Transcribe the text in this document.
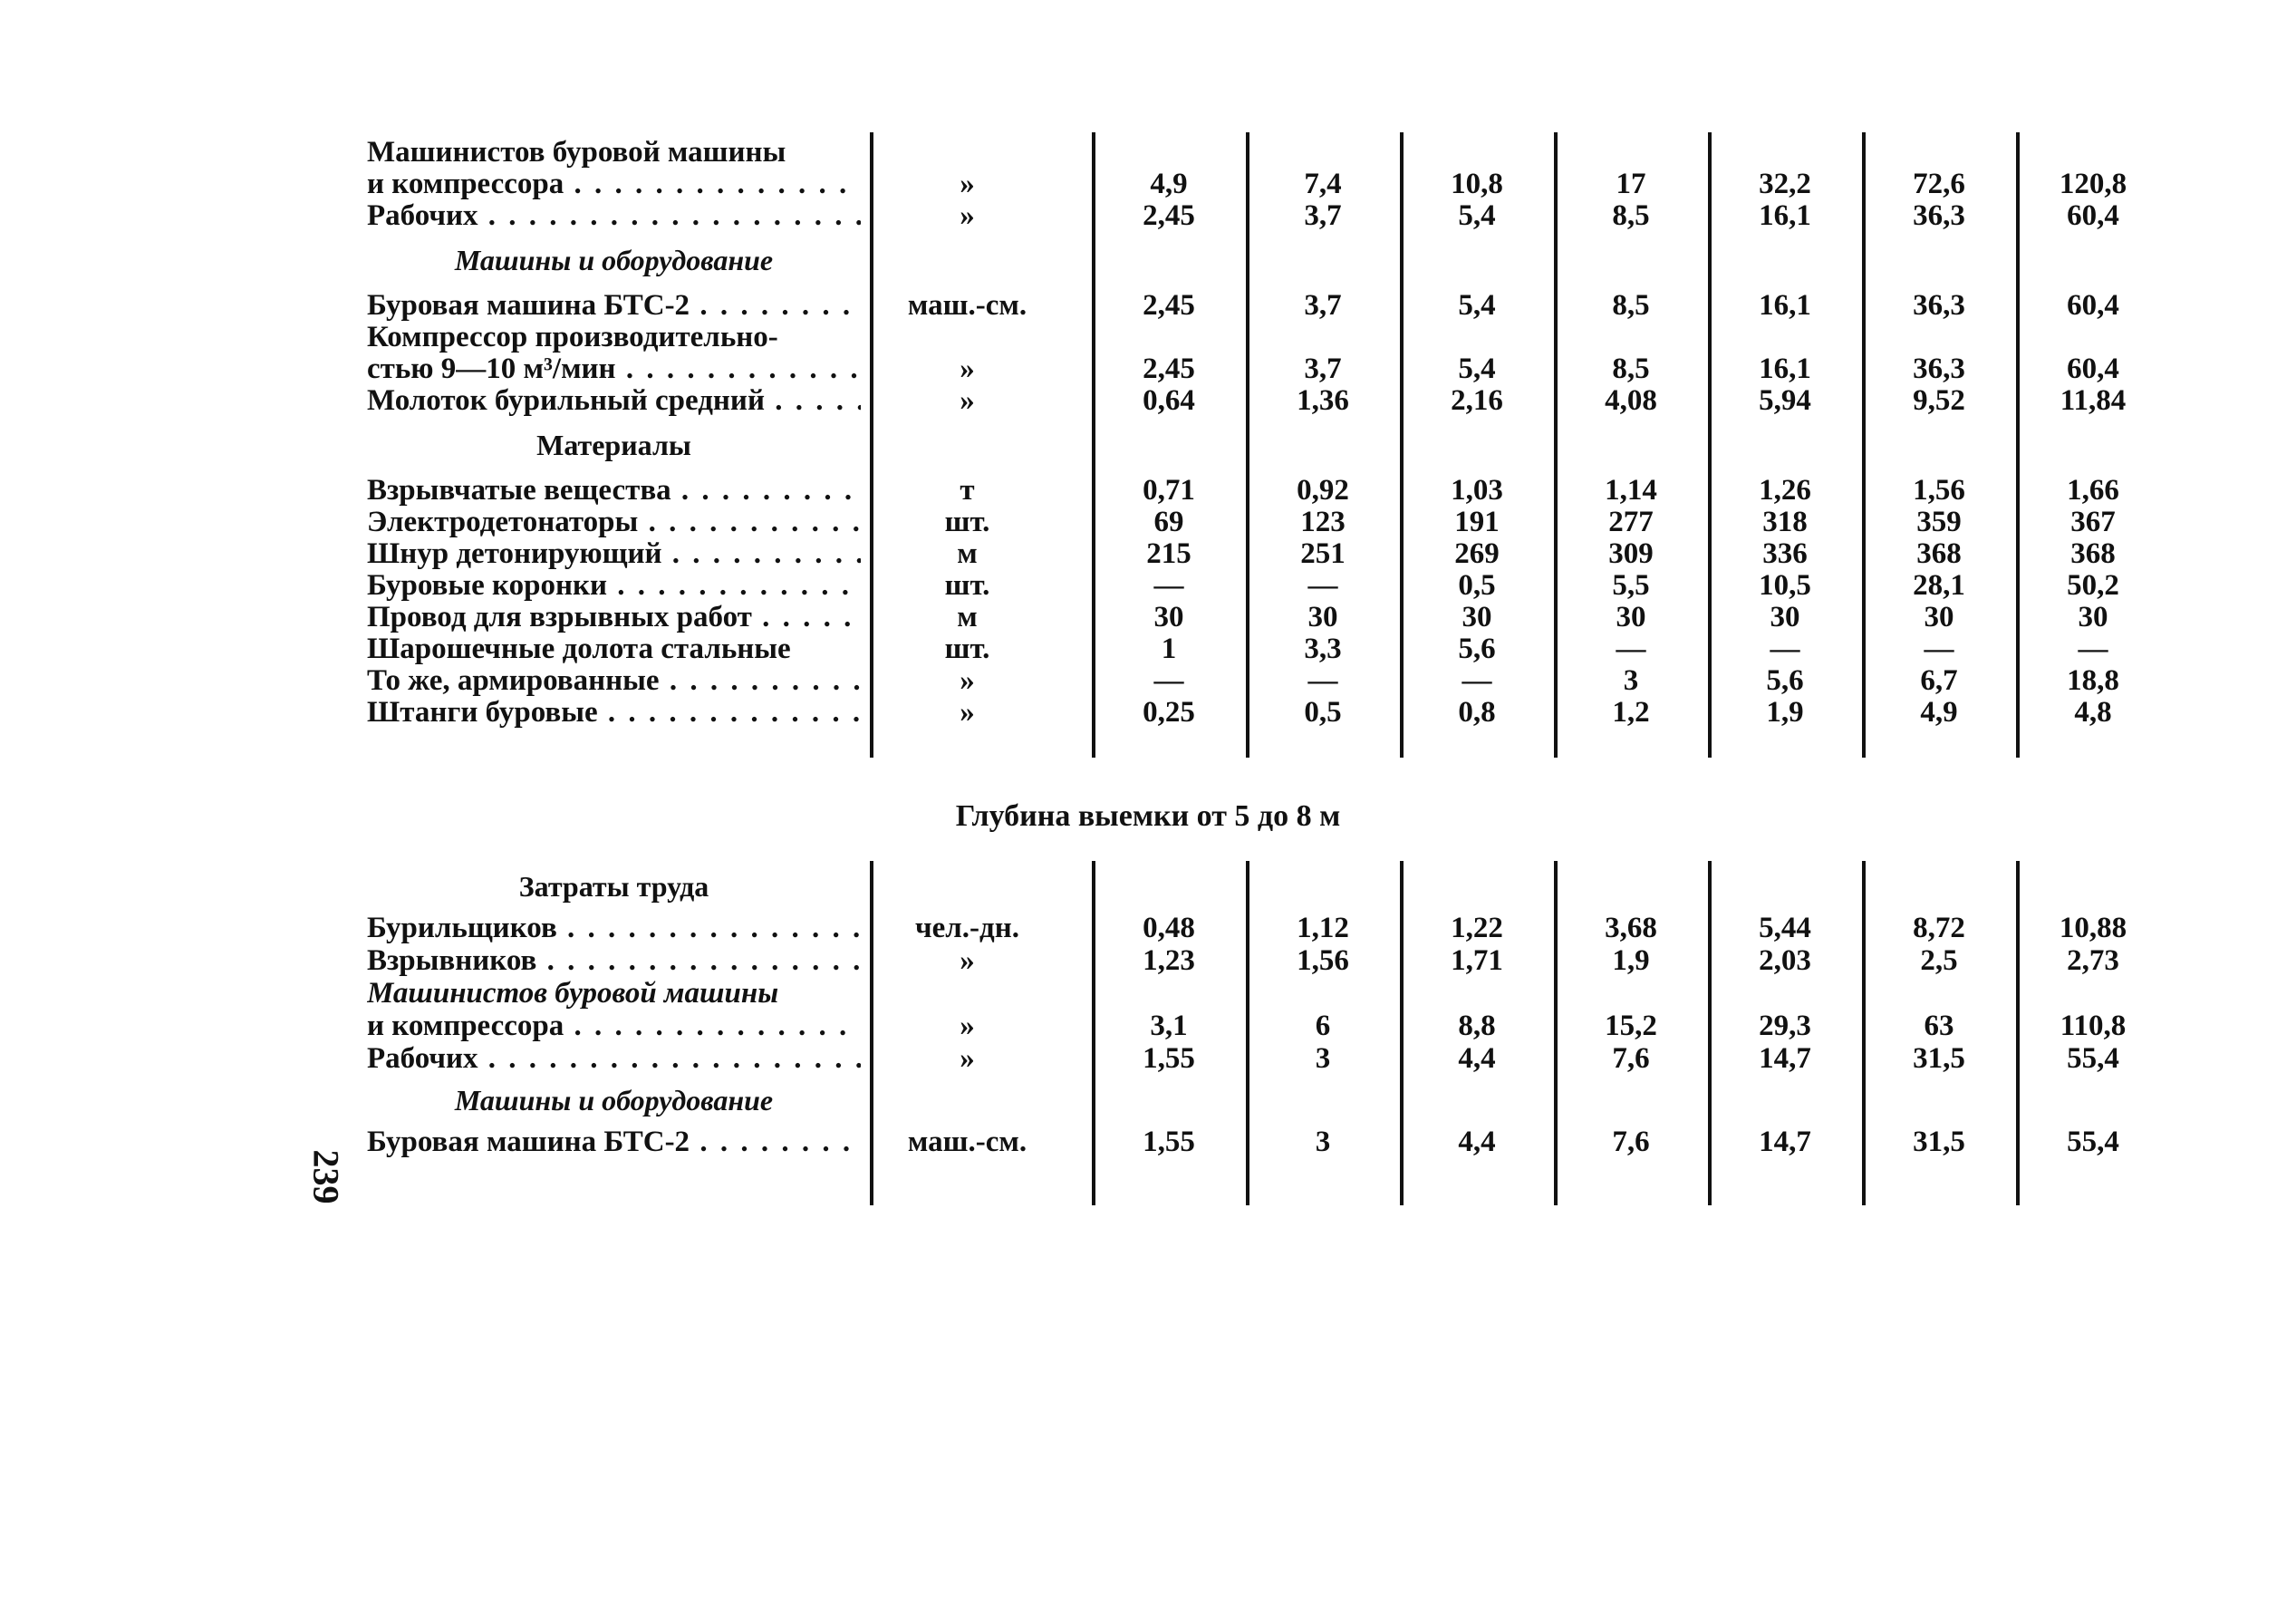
Машинистов буровой машины
и компрессора . . .	»	4,9	7,4	10,8	17	32,2	72,6	120,8
Рабочих . . .	»	2,45	3,7	5,4	8,5	16,1	36,3	60,4
Машины и оборудование
Буровая машина БТС-2 . . .	маш.-см.	2,45	3,7	5,4	8,5	16,1	36,3	60,4
Компрессор производительно-
стью 9—10 м³/мин . . .	»	2,45	3,7	5,4	8,5	16,1	36,3	60,4
Молоток бурильный средний . . .	»	0,64	1,36	2,16	4,08	5,94	9,52	11,84
Материалы
Взрывчатые вещества . . .	т	0,71	0,92	1,03	1,14	1,26	1,56	1,66
Электродетонаторы . . .	шт.	69	123	191	277	318	359	367
Шнур детонирующий . . .	м	215	251	269	309	336	368	368
Буровые коронки . . .	шт.	—	—	0,5	5,5	10,5	28,1	50,2
Провод для взрывных работ . . .	м	30	30	30	30	30	30	30
Шарошечные долота стальные	шт.	1	3,3	5,6	—	—	—	—
То же, армированные . . .	»	—	—	—	3	5,6	6,7	18,8
Штанги буровые . . .	»	0,25	0,5	0,8	1,2	1,9	4,9	4,8
Глубина выемки от 5 до 8 м
Затраты труда
Бурильщиков . . .	чел.-дн.	0,48	1,12	1,22	3,68	5,44	8,72	10,88
Взрывников . . .	»	1,23	1,56	1,71	1,9	2,03	2,5	2,73
Машинистов буровой машины
и компрессора . . .	»	3,1	6	8,8	15,2	29,3	63	110,8
Рабочих . . .	»	1,55	3	4,4	7,6	14,7	31,5	55,4
Машины и оборудование
Буровая машина БТС-2 . . .	маш.-см.	1,55	3	4,4	7,6	14,7	31,5	55,4
239
